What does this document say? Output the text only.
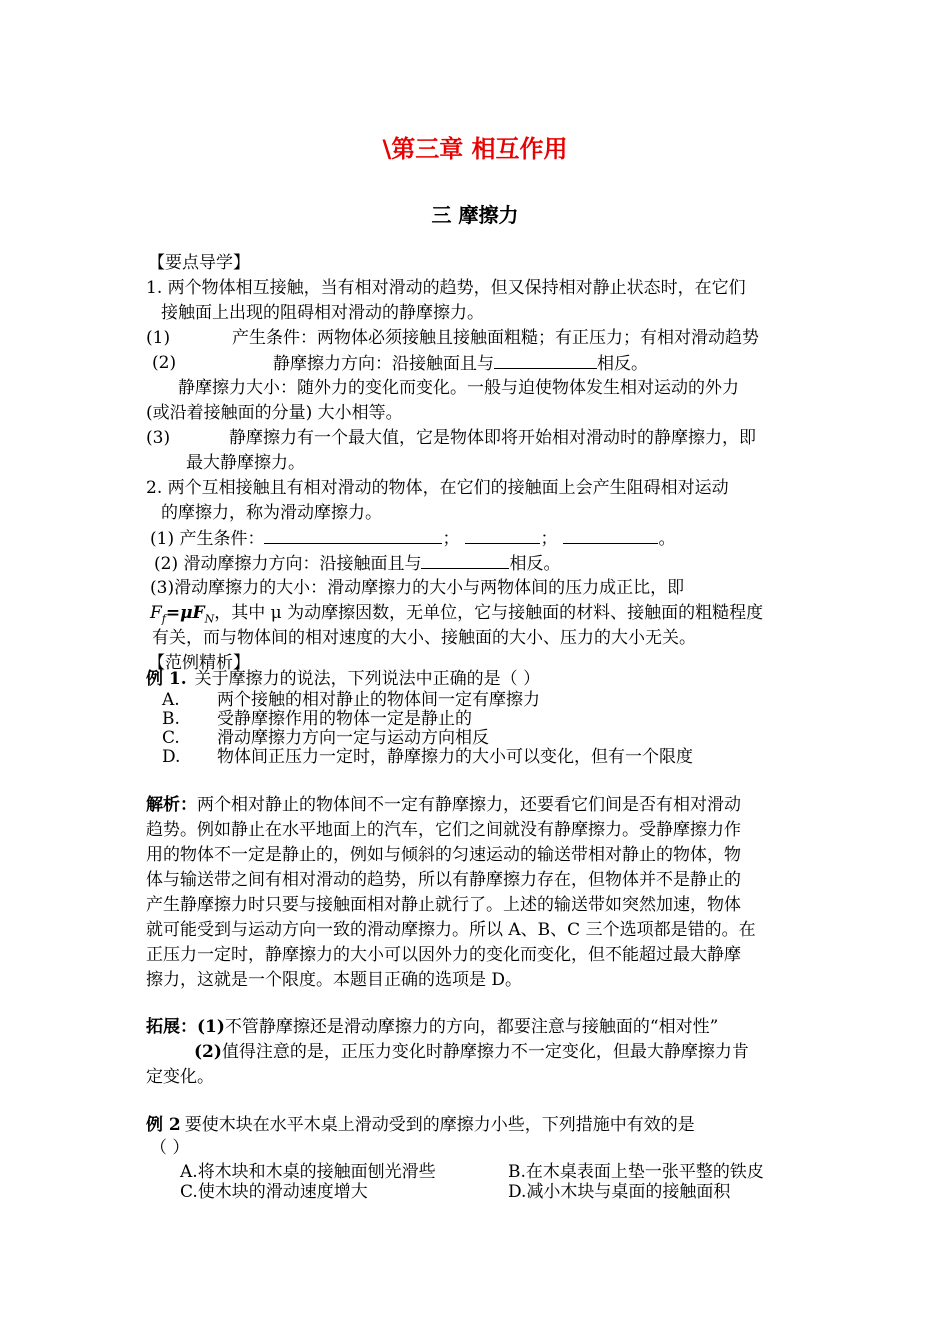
\第三章 相互作用
三 摩擦力
【要点导学】
1. 两个物体相互接触，当有相对滑动的趋势，但又保持相对静止状态时，在它们
接触面上出现的阻碍相对滑动的静摩擦力。
(1)	产生条件：两物体必须接触且接触面粗糙；有正压力；有相对滑动趋势
(2)	静摩擦力方向：沿接触面且与	相反。
静摩擦力大小：随外力的变化而变化。一般与迫使物体发生相对运动的外力
(或沿着接触面的分量) 大小相等。
(3)	静摩擦力有一个最大值，它是物体即将开始相对滑动时的静摩擦力，即
最大静摩擦力。
2. 两个互相接触且有相对滑动的物体，在它们的接触面上会产生阻碍相对运动
的摩擦力，称为滑动摩擦力。
(1) 产生条件：	；	；	。
(2) 滑动摩擦力方向：沿接触面且与	相反。
(3)滑动摩擦力的大小：滑动摩擦力的大小与两物体间的压力成正比，即
$F_f=\mu F_N$，其中 μ 为动摩擦因数，无单位，它与接触面的材料、接触面的粗糙程度
有关，而与物体间的相对速度的大小、接触面的大小、压力的大小无关。
【范例精析】
例 1. 关于摩擦力的说法，下列说法中正确的是（ ）
A. 两个接触的相对静止的物体间一定有摩擦力
B. 受静摩擦作用的物体一定是静止的
C. 滑动摩擦力方向一定与运动方向相反
D. 物体间正压力一定时，静摩擦力的大小可以变化，但有一个限度
解析：两个相对静止的物体间不一定有静摩擦力，还要看它们间是否有相对滑动
趋势。例如静止在水平地面上的汽车，它们之间就没有静摩擦力。受静摩擦力作
用的物体不一定是静止的，例如与倾斜的匀速运动的输送带相对静止的物体，物
体与输送带之间有相对滑动的趋势，所以有静摩擦力存在，但物体并不是静止的
产生静摩擦力时只要与接触面相对静止就行了。上述的输送带如突然加速，物体
就可能受到与运动方向一致的滑动摩擦力。所以 A、B、C 三个选项都是错的。在
正压力一定时，静摩擦力的大小可以因外力的变化而变化，但不能超过最大静摩
擦力，这就是一个限度。本题目正确的选项是 D。
拓展：(1)不管静摩擦还是滑动摩擦力的方向，都要注意与接触面的“相对性”
(2)值得注意的是，正压力变化时静摩擦力不一定变化，但最大静摩擦力肯
定变化。
例 2 要使木块在水平木桌上滑动受到的摩擦力小些，下列措施中有效的是
（ ）
A.将木块和木桌的接触面刨光滑些	B.在木桌表面上垫一张平整的铁皮
C.使木块的滑动速度增大	D.减小木块与桌面的接触面积
